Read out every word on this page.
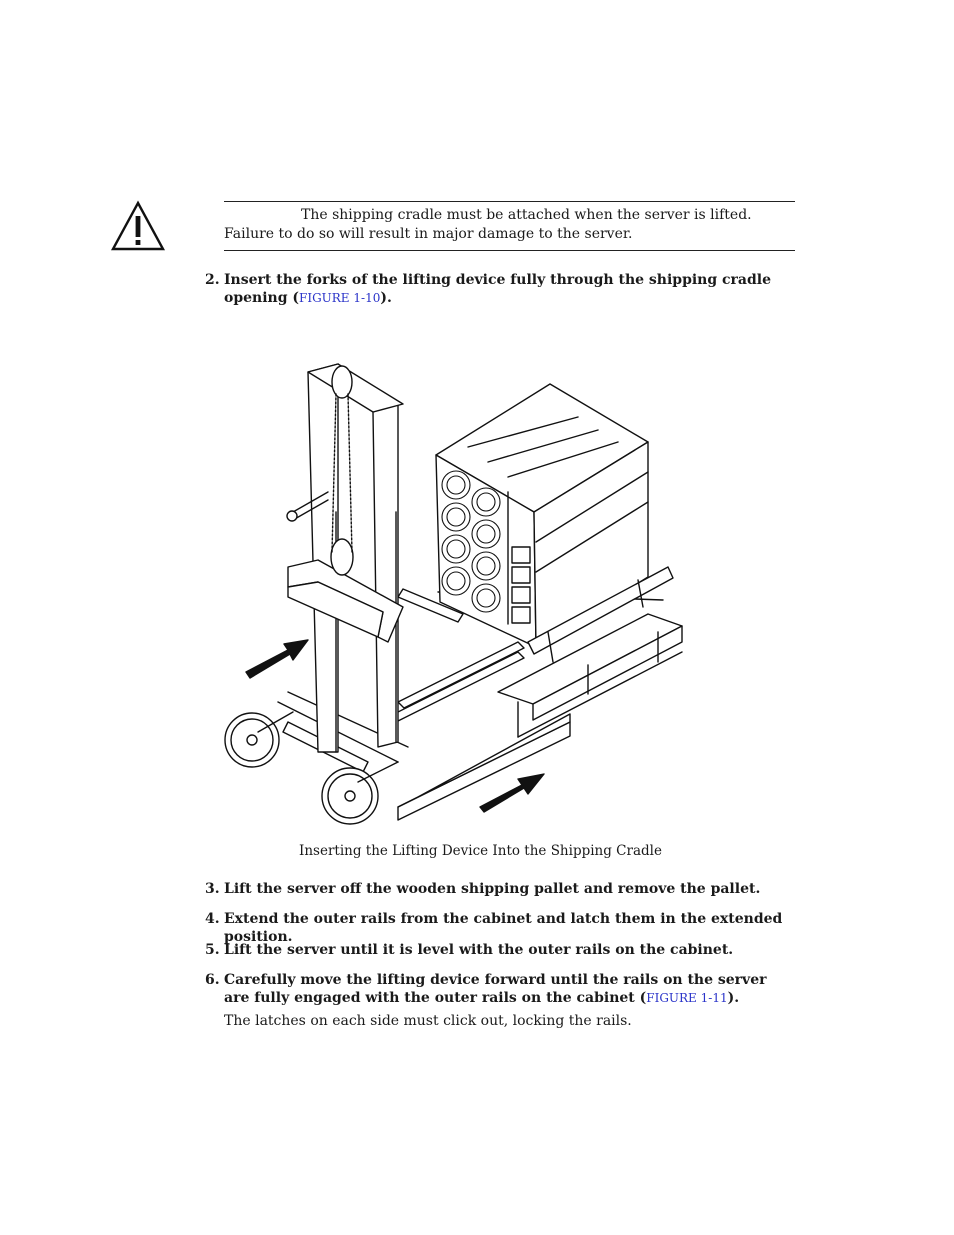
The shipping cradle must be attached when the server is lifted. Failure to do so will result in major damage to the server.
2. Insert the forks of the lifting device fully through the shipping cradle opening (FIGURE 1-10).
Inserting the Lifting Device Into the Shipping Cradle
3. Lift the server off the wooden shipping pallet and remove the pallet.
4. Extend the outer rails from the cabinet and latch them in the extended position.
5. Lift the server until it is level with the outer rails on the cabinet.
6. Carefully move the lifting device forward until the rails on the server are fully engaged with the outer rails on the cabinet (FIGURE 1-11).
The latches on each side must click out, locking the rails.
